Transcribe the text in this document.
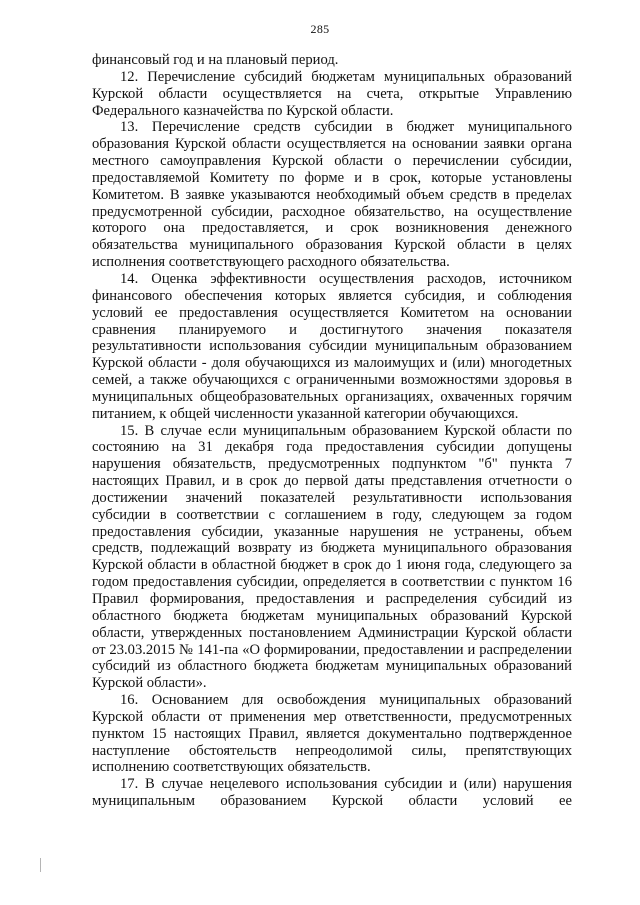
285

финансовый год и на плановый период.

12. Перечисление субсидий бюджетам муниципальных образований Курской области осуществляется на счета, открытые Управлению Федерального казначейства по Курской области.

13. Перечисление средств субсидии в бюджет муниципального образования Курской области осуществляется на основании заявки органа местного самоуправления Курской области о перечислении субсидии, предоставляемой Комитету по форме и в срок, которые установлены Комитетом. В заявке указываются необходимый объем средств в пределах предусмотренной субсидии, расходное обязательство, на осуществление которого она предоставляется, и срок возникновения денежного обязательства муниципального образования Курской области в целях исполнения соответствующего расходного обязательства.

14. Оценка эффективности осуществления расходов, источником финансового обеспечения которых является субсидия, и соблюдения условий ее предоставления осуществляется Комитетом на основании сравнения планируемого и достигнутого значения показателя результативности использования субсидии муниципальным образованием Курской области - доля обучающихся из малоимущих и (или) многодетных семей, а также обучающихся с ограниченными возможностями здоровья в муниципальных общеобразовательных организациях, охваченных горячим питанием, к общей численности указанной категории обучающихся.

15. В случае если муниципальным образованием Курской области по состоянию на 31 декабря года предоставления субсидии допущены нарушения обязательств, предусмотренных подпунктом "б" пункта 7 настоящих Правил, и в срок до первой даты представления отчетности о достижении значений показателей результативности использования субсидии в соответствии с соглашением в году, следующем за годом предоставления субсидии, указанные нарушения не устранены, объем средств, подлежащий возврату из бюджета муниципального образования Курской области в областной бюджет в срок до 1 июня года, следующего за годом предоставления субсидии, определяется в соответствии с пунктом 16 Правил формирования, предоставления и распределения субсидий из областного бюджета бюджетам муниципальных образований Курской области, утвержденных постановлением Администрации Курской области от 23.03.2015 № 141-па «О формировании, предоставлении и распределении субсидий из областного бюджета бюджетам муниципальных образований Курской области».

16. Основанием для освобождения муниципальных образований Курской области от применения мер ответственности, предусмотренных пунктом 15 настоящих Правил, является документально подтвержденное наступление обстоятельств непреодолимой силы, препятствующих исполнению соответствующих обязательств.

17. В случае нецелевого использования субсидии и (или) нарушения муниципальным образованием Курской области условий ее
